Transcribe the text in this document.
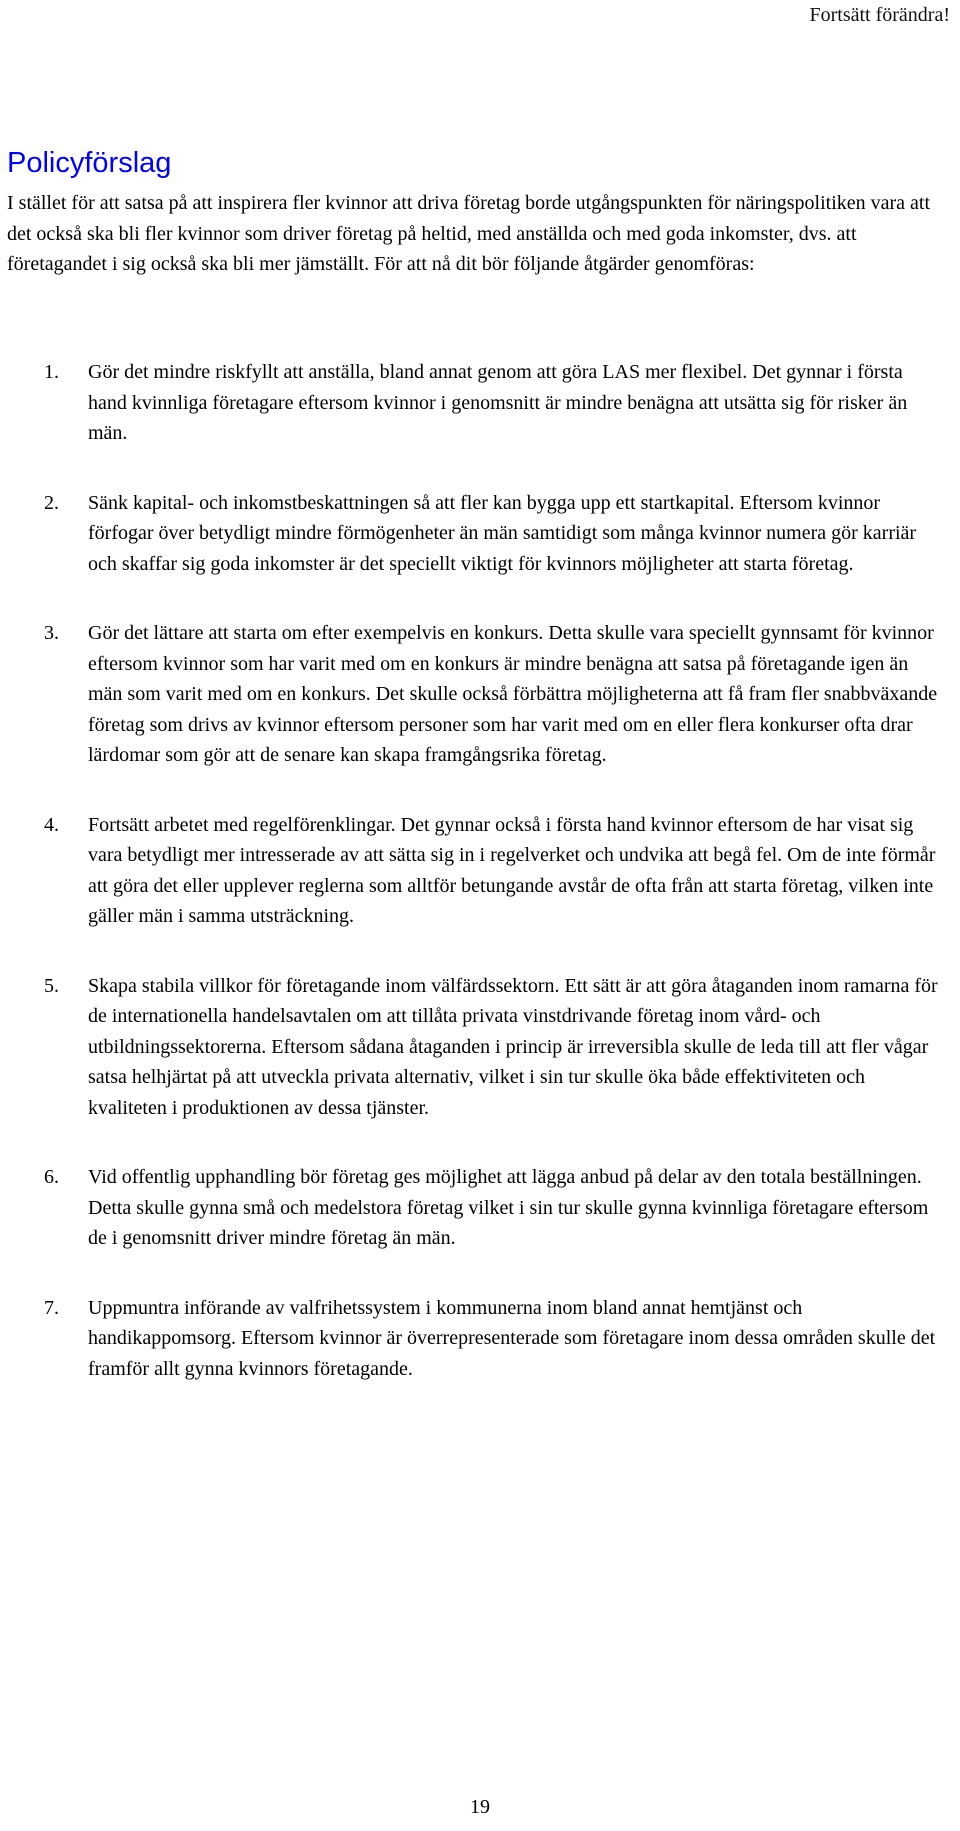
Fortsätt förändra!
Policyförslag

I stället för att satsa på att inspirera fler kvinnor att driva företag borde utgångspunkten för näringspolitiken vara att det också ska bli fler kvinnor som driver företag på heltid, med anställda och med goda inkomster, dvs. att företagandet i sig också ska bli mer jämställt. För att nå dit bör följande åtgärder genomföras:

1. Gör det mindre riskfyllt att anställa, bland annat genom att göra LAS mer flexibel. Det gynnar i första hand kvinnliga företagare eftersom kvinnor i genomsnitt är mindre benägna att utsätta sig för risker än män.
2. Sänk kapital- och inkomstbeskattningen så att fler kan bygga upp ett startkapital. Eftersom kvinnor förfogar över betydligt mindre förmögenheter än män samtidigt som många kvinnor numera gör karriär och skaffar sig goda inkomster är det speciellt viktigt för kvinnors möjligheter att starta företag.
3. Gör det lättare att starta om efter exempelvis en konkurs. Detta skulle vara speciellt gynnsamt för kvinnor eftersom kvinnor som har varit med om en konkurs är mindre benägna att satsa på företagande igen än män som varit med om en konkurs. Det skulle också förbättra möjligheterna att få fram fler snabbväxande företag som drivs av kvinnor eftersom personer som har varit med om en eller flera konkurser ofta drar lärdomar som gör att de senare kan skapa framgångsrika företag.
4. Fortsätt arbetet med regelförenklingar. Det gynnar också i första hand kvinnor eftersom de har visat sig vara betydligt mer intresserade av att sätta sig in i regelverket och undvika att begå fel. Om de inte förmår att göra det eller upplever reglerna som alltför betungande avstår de ofta från att starta företag, vilken inte gäller män i samma utsträckning.
5. Skapa stabila villkor för företagande inom välfärdssektorn. Ett sätt är att göra åtaganden inom ramarna för de internationella handelsavtalen om att tillåta privata vinstdrivande företag inom vård- och utbildningssektorerna. Eftersom sådana åtaganden i princip är irreversibla skulle de leda till att fler vågar satsa helhjärtat på att utveckla privata alternativ, vilket i sin tur skulle öka både effektiviteten och kvaliteten i produktionen av dessa tjänster.
6. Vid offentlig upphandling bör företag ges möjlighet att lägga anbud på delar av den totala beställningen. Detta skulle gynna små och medelstora företag vilket i sin tur skulle gynna kvinnliga företagare eftersom de i genomsnitt driver mindre företag än män.
7. Uppmuntra införande av valfrihetssystem i kommunerna inom bland annat hemtjänst och handikappomsorg. Eftersom kvinnor är överrepresenterade som företagare inom dessa områden skulle det framför allt gynna kvinnors företagande.
19
